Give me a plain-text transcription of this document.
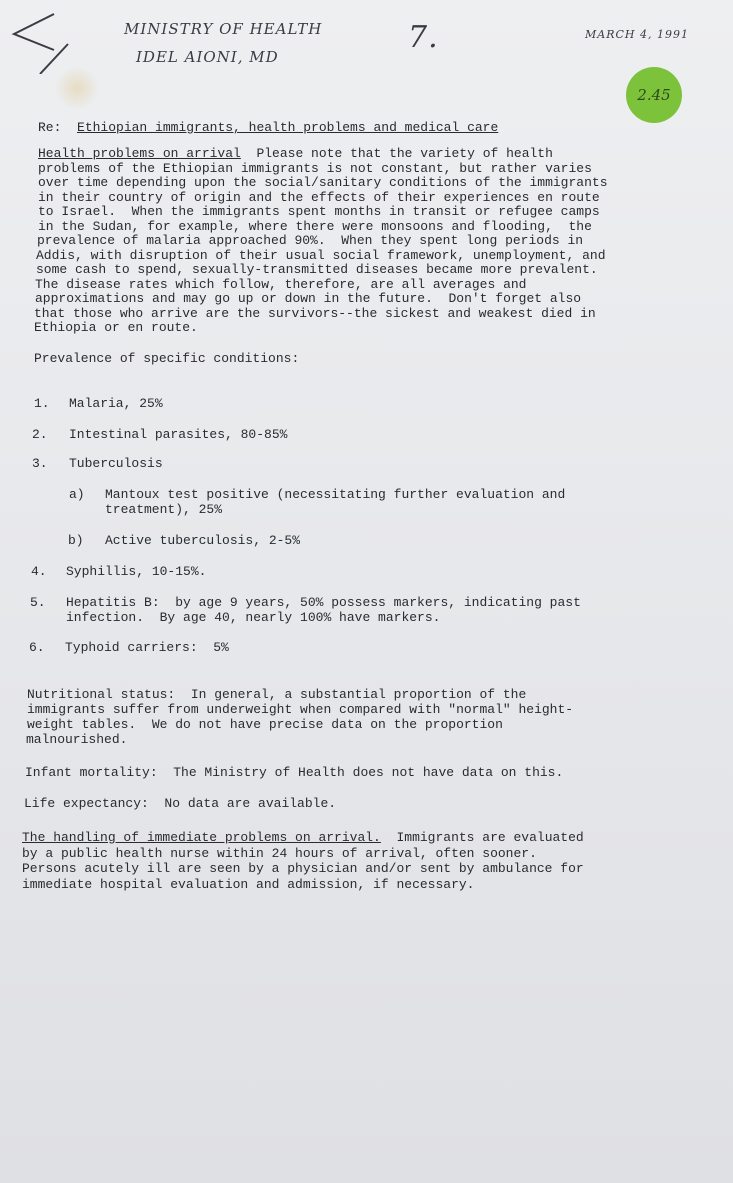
MINISTRY OF HEALTH
IDEL AIONI, MD
7.	MARCH 4, 1991
2.45
Re: Ethiopian immigrants, health problems and medical care
Health problems on arrival Please note that the variety of health
problems of the Ethiopian immigrants is not constant, but rather varies
over time depending upon the social/sanitary conditions of the immigrants
in their country of origin and the effects of their experiences en route
to Israel.  When the immigrants spent months in transit or refugee camps
in the Sudan, for example, where there were monsoons and flooding,  the
prevalence of malaria approached 90%.  When they spent long periods in
Addis, with disruption of their usual social framework, unemployment, and
some cash to spend, sexually-transmitted diseases became more prevalent.
The disease rates which follow, therefore, are all averages and
approximations and may go up or down in the future.  Don't forget also
that those who arrive are the survivors--the sickest and weakest died in
Ethiopia or en route.
Prevalence of specific conditions:
1. Malaria, 25%
2. Intestinal parasites, 80-85%
3. Tuberculosis
a) Mantoux test positive (necessitating further evaluation and
treatment), 25%
b) Active tuberculosis, 2-5%
4. Syphillis, 10-15%.
5. Hepatitis B:  by age 9 years, 50% possess markers, indicating past
infection.  By age 40, nearly 100% have markers.
6. Typhoid carriers:  5%
Nutritional status:  In general, a substantial proportion of the
immigrants suffer from underweight when compared with "normal" height-
weight tables.  We do not have precise data on the proportion
malnourished.
Infant mortality:  The Ministry of Health does not have data on this.
Life expectancy:  No data are available.
The handling of immediate problems on arrival. Immigrants are evaluated
by a public health nurse within 24 hours of arrival, often sooner.
Persons acutely ill are seen by a physician and/or sent by ambulance for
immediate hospital evaluation and admission, if necessary.
